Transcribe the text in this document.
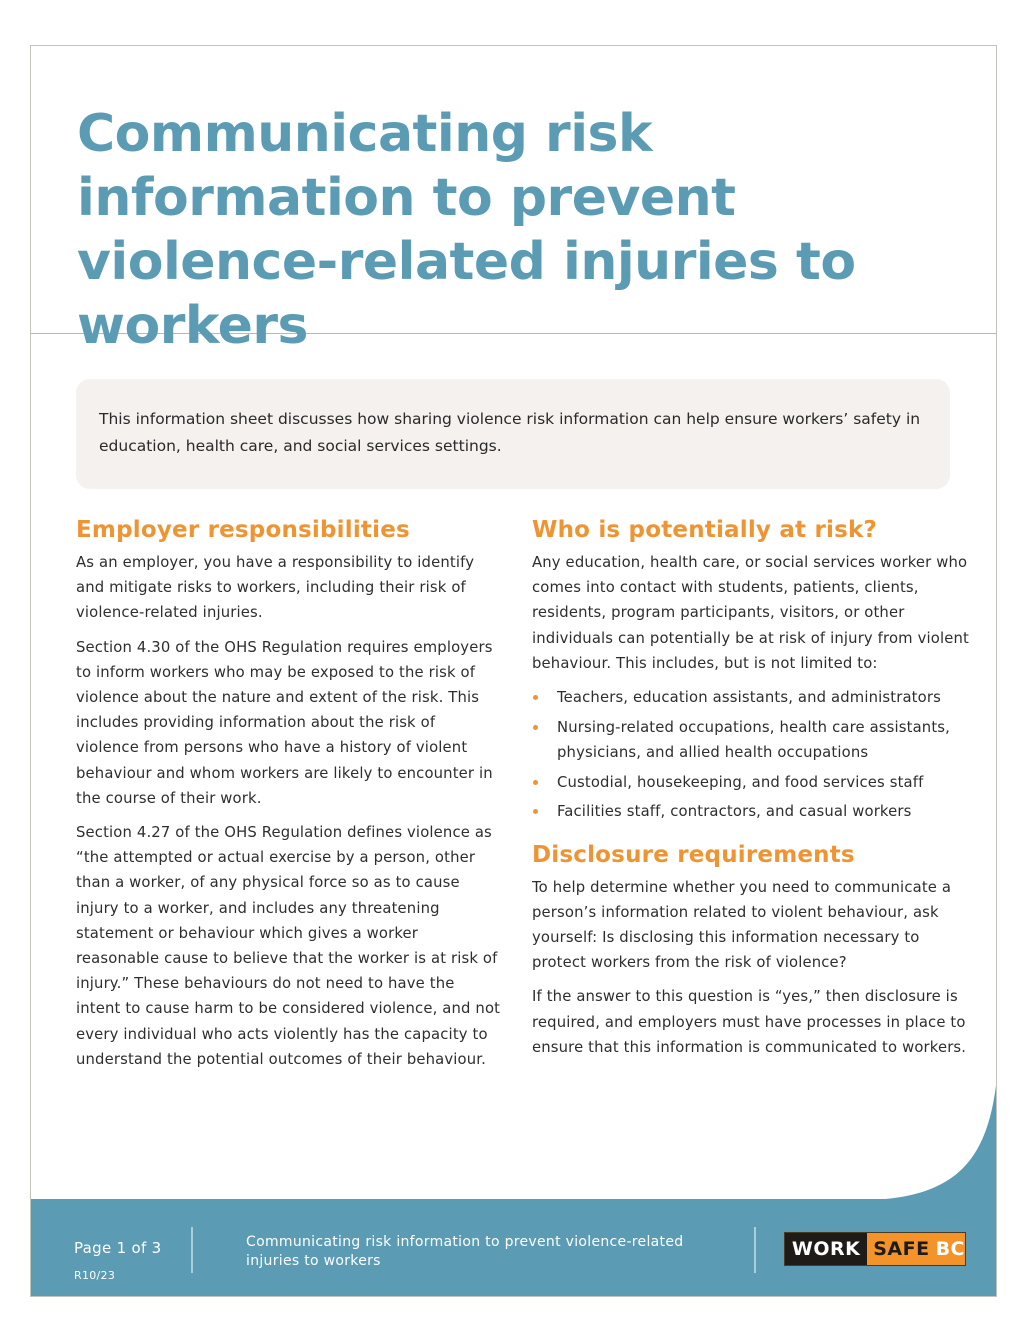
Communicating risk information to prevent violence-related injuries to workers

This information sheet discusses how sharing violence risk information can help ensure workers’ safety in education, health care, and social services settings.

Employer responsibilities

As an employer, you have a responsibility to identify and mitigate risks to workers, including their risk of violence-related injuries.

Section 4.30 of the OHS Regulation requires employers to inform workers who may be exposed to the risk of violence about the nature and extent of the risk. This includes providing information about the risk of violence from persons who have a history of violent behaviour and whom workers are likely to encounter in the course of their work.

Section 4.27 of the OHS Regulation defines violence as “the attempted or actual exercise by a person, other than a worker, of any physical force so as to cause injury to a worker, and includes any threatening statement or behaviour which gives a worker reasonable cause to believe that the worker is at risk of injury.” These behaviours do not need to have the intent to cause harm to be considered violence, and not every individual who acts violently has the capacity to understand the potential outcomes of their behaviour.

Who is potentially at risk?

Any education, health care, or social services worker who comes into contact with students, patients, clients, residents, program participants, visitors, or other individuals can potentially be at risk of injury from violent behaviour. This includes, but is not limited to:

Teachers, education assistants, and administrators
Nursing-related occupations, health care assistants, physicians, and allied health occupations
Custodial, housekeeping, and food services staff
Facilities staff, contractors, and casual workers
Disclosure requirements

To help determine whether you need to communicate a person’s information related to violent behaviour, ask yourself: Is disclosing this information necessary to protect workers from the risk of violence?

If the answer to this question is “yes,” then disclosure is required, and employers must have processes in place to ensure that this information is communicated to workers.

Page 1 of 3
R10/23
Communicating risk information to prevent violence-related injuries to workers
WORK SAFE BC
